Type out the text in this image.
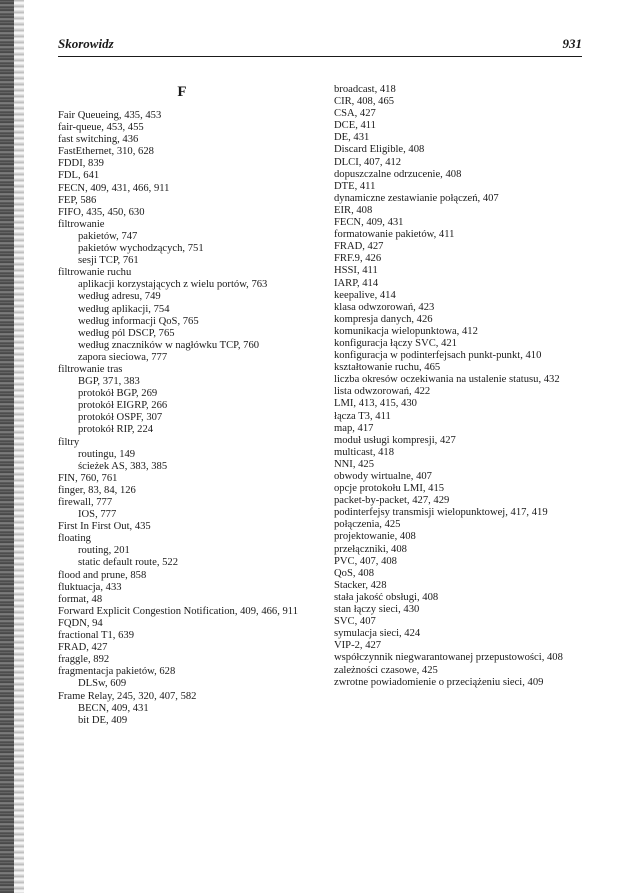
Skorowidz	931
F
Fair Queueing, 435, 453
fair-queue, 453, 455
fast switching, 436
FastEthernet, 310, 628
FDDI, 839
FDL, 641
FECN, 409, 431, 466, 911
FEP, 586
FIFO, 435, 450, 630
filtrowanie
pakietów, 747
pakietów wychodzących, 751
sesji TCP, 761
filtrowanie ruchu
aplikacji korzystających z wielu portów, 763
według adresu, 749
według aplikacji, 754
według informacji QoS, 765
według pól DSCP, 765
według znaczników w nagłówku TCP, 760
zapora sieciowa, 777
filtrowanie tras
BGP, 371, 383
protokół BGP, 269
protokół EIGRP, 266
protokół OSPF, 307
protokół RIP, 224
filtry
routingu, 149
ścieżek AS, 383, 385
FIN, 760, 761
finger, 83, 84, 126
firewall, 777
IOS, 777
First In First Out, 435
floating
routing, 201
static default route, 522
flood and prune, 858
fluktuacja, 433
format, 48
Forward Explicit Congestion Notification, 409, 466, 911
FQDN, 94
fractional T1, 639
FRAD, 427
fraggle, 892
fragmentacja pakietów, 628
DLSw, 609
Frame Relay, 245, 320, 407, 582
BECN, 409, 431
bit DE, 409
broadcast, 418
CIR, 408, 465
CSA, 427
DCE, 411
DE, 431
Discard Eligible, 408
DLCI, 407, 412
dopuszczalne odrzucenie, 408
DTE, 411
dynamiczne zestawianie połączeń, 407
EIR, 408
FECN, 409, 431
formatowanie pakietów, 411
FRAD, 427
FRF.9, 426
HSSI, 411
IARP, 414
keepalive, 414
klasa odwzorowań, 423
kompresja danych, 426
komunikacja wielopunktowa, 412
konfiguracja łączy SVC, 421
konfiguracja w podinterfejsach punkt-punkt, 410
kształtowanie ruchu, 465
liczba okresów oczekiwania na ustalenie statusu, 432
lista odwzorowań, 422
LMI, 413, 415, 430
łącza T3, 411
map, 417
moduł usługi kompresji, 427
multicast, 418
NNI, 425
obwody wirtualne, 407
opcje protokołu LMI, 415
packet-by-packet, 427, 429
podinterfejsy transmisji wielopunktowej, 417, 419
połączenia, 425
projektowanie, 408
przełączniki, 408
PVC, 407, 408
QoS, 408
Stacker, 428
stała jakość obsługi, 408
stan łączy sieci, 430
SVC, 407
symulacja sieci, 424
VIP-2, 427
współczynnik niegwarantowanej przepustowości, 408
zależności czasowe, 425
zwrotne powiadomienie o przeciążeniu sieci, 409
